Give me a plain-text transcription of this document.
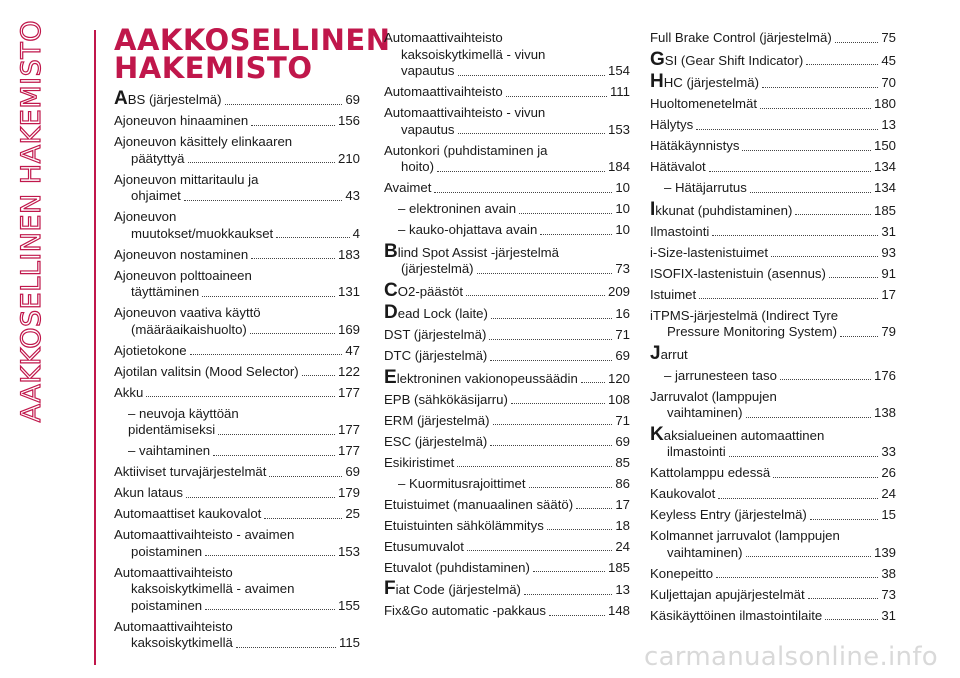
AAKKOSELLINEN HAKEMISTO AAKKOSELLINEN
HAKEMISTO
ABS (järjestelmä)	69
Ajoneuvon hinaaminen	156
Ajoneuvon käsittely elinkaaren
päätyttyä	210
Ajoneuvon mittaritaulu ja
ohjaimet	43
Ajoneuvon
muutokset/muokkaukset	4
Ajoneuvon nostaminen	183
Ajoneuvon polttoaineen
täyttäminen	131
Ajoneuvon vaativa käyttö
(määräaikaishuolto)	169
Ajotietokone	47
Ajotilan valitsin (Mood Selector)	122
Akku	177
– neuvoja käyttöän
pidentämiseksi	177
– vaihtaminen	177
Aktiiviset turvajärjestelmät	69
Akun lataus	179
Automaattiset kaukovalot	25
Automaattivaihteisto - avaimen
poistaminen	153
Automaattivaihteisto
kaksoiskytkimellä - avaimen
poistaminen	155
Automaattivaihteisto
kaksoiskytkimellä	115
Automaattivaihteisto
kaksoiskytkimellä - vivun
vapautus	154
Automaattivaihteisto	111
Automaattivaihteisto - vivun
vapautus	153
Autonkori (puhdistaminen ja
hoito)	184
Avaimet	10
– elektroninen avain	10
– kauko-ohjattava avain	10
Blind Spot Assist -järjestelmä
(järjestelmä)	73
CO2-päästöt	209
Dead Lock (laite)	16
DST (järjestelmä)	71
DTC (järjestelmä)	69
Elektroninen vakionopeussäädin 120
EPB (sähkökäsijarru)	108
ERM (järjestelmä)	71
ESC (järjestelmä)	69
Esikiristimet	85
– Kuormitusrajoittimet	86
Etuistuimet (manuaalinen säätö)	17
Etuistuinten sähkölämmitys	18
Etusumuvalot	24
Etuvalot (puhdistaminen)	185
Fiat Code (järjestelmä)	13
Fix&Go automatic -pakkaus	148
Full Brake Control (järjestelmä)	75
GSI (Gear Shift Indicator)	45
HHC (järjestelmä)	70
Huoltomenetelmät	180
Hälytys	13
Hätäkäynnistys	150
Hätävalot	134
– Hätäjarrutus	134
Ikkunat (puhdistaminen)	185
Ilmastointi	31
i-Size-lastenistuimet	93
ISOFIX-lastenistuin (asennus)	91
Istuimet	17
iTPMS-järjestelmä (Indirect Tyre
Pressure Monitoring System)	79
Jarrut
– jarrunesteen taso	176
Jarruvalot (lamppujen
vaihtaminen)	138
Kaksialueinen automaattinen
ilmastointi	33
Kattolamppu edessä	26
Kaukovalot	24
Keyless Entry (järjestelmä)	15
Kolmannet jarruvalot (lamppujen
vaihtaminen)	139
Konepeitto	38
Kuljettajan apujärjestelmät	73
Käsikäyttöinen ilmastointilaite	31
carmanualsonline.info
